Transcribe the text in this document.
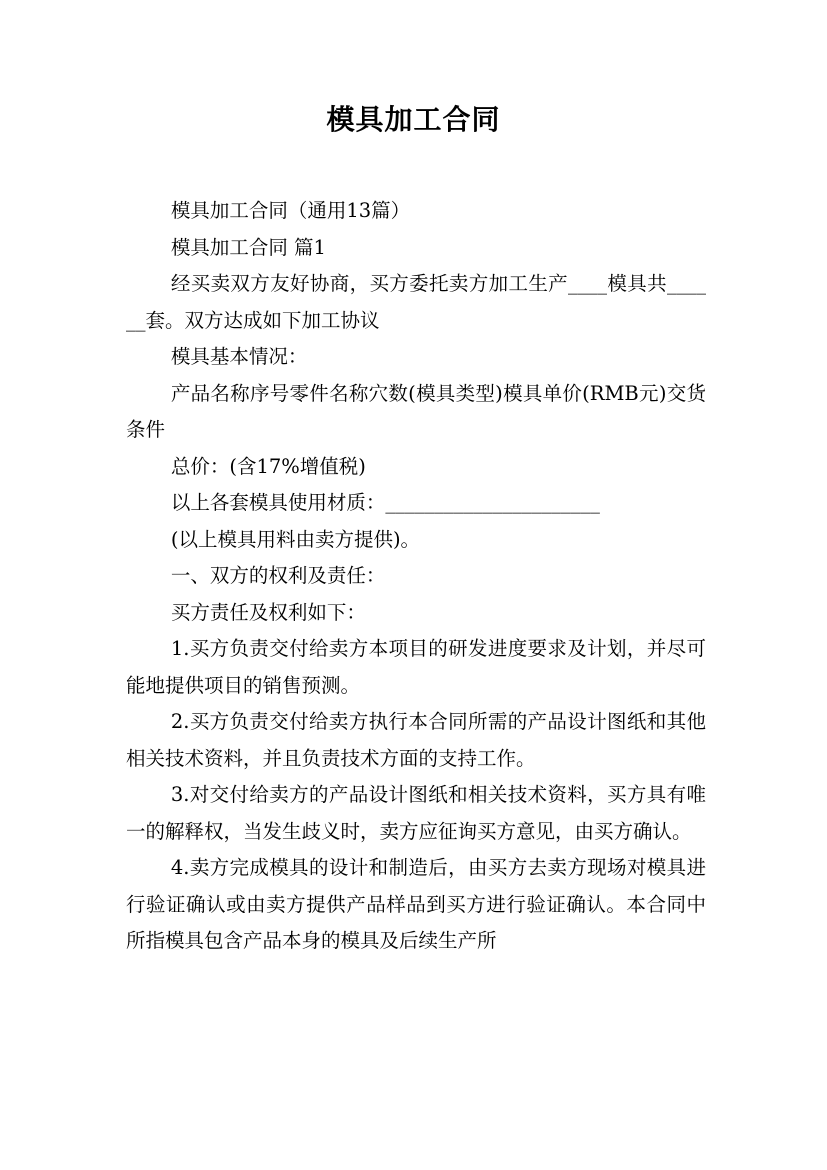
模具加工合同

模具加工合同（通用13篇）

模具加工合同 篇1

经买卖双方友好协商，买方委托卖方加工生产____模具共______套。双方达成如下加工协议

模具基本情况：

产品名称序号零件名称穴数(模具类型)模具单价(RMB元)交货条件

总价：(含17%增值税)

以上各套模具使用材质：______________________

(以上模具用料由卖方提供)。

一、双方的权利及责任：

买方责任及权利如下：

1.买方负责交付给卖方本项目的研发进度要求及计划，并尽可能地提供项目的销售预测。

2.买方负责交付给卖方执行本合同所需的产品设计图纸和其他相关技术资料，并且负责技术方面的支持工作。

3.对交付给卖方的产品设计图纸和相关技术资料，买方具有唯一的解释权，当发生歧义时，卖方应征询买方意见，由买方确认。

4.卖方完成模具的设计和制造后，由买方去卖方现场对模具进行验证确认或由卖方提供产品样品到买方进行验证确认。本合同中所指模具包含产品本身的模具及后续生产所
